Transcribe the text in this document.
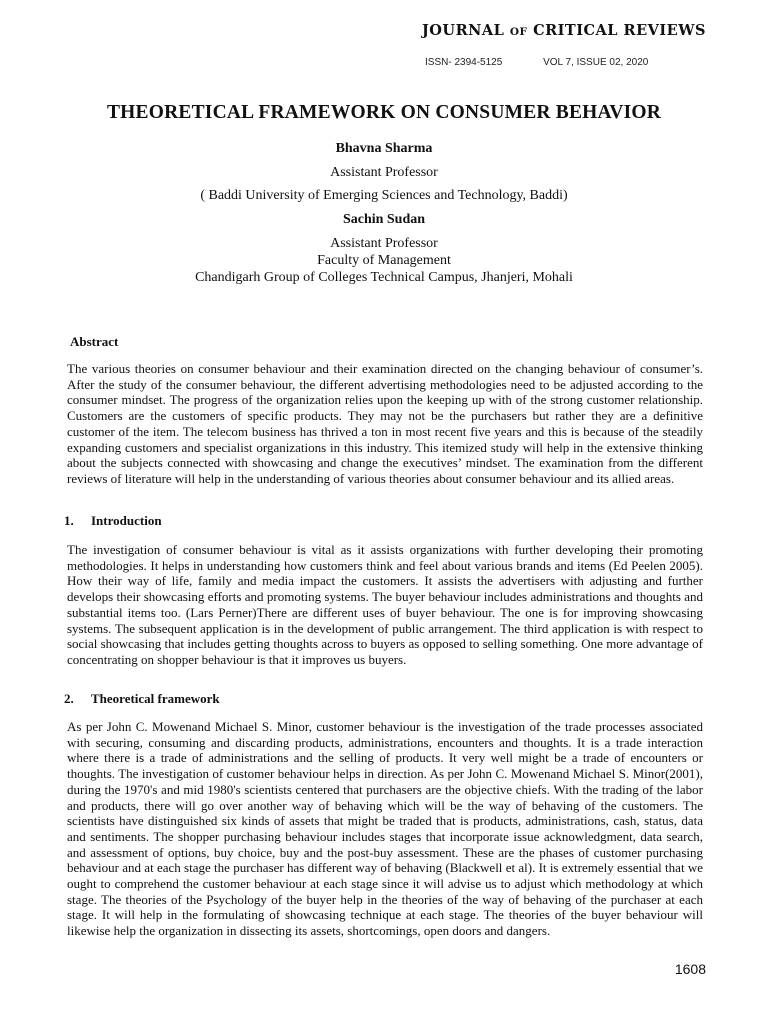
JOURNAL OF CRITICAL REVIEWS
ISSN- 2394-5125	VOL 7, ISSUE 02, 2020
THEORETICAL FRAMEWORK ON CONSUMER BEHAVIOR
Bhavna Sharma
Assistant Professor
( Baddi University of Emerging Sciences and Technology, Baddi)
Sachin Sudan
Assistant Professor
Faculty of Management
Chandigarh Group of Colleges Technical Campus, Jhanjeri, Mohali
Abstract
The various theories on consumer behaviour and their examination directed on the changing behaviour of consumer’s. After the study of the consumer behaviour, the different advertising methodologies need to be adjusted according to the consumer mindset. The progress of the organization relies upon the keeping up with of the strong customer relationship. Customers are the customers of specific products. They may not be the purchasers but rather they are a definitive customer of the item. The telecom business has thrived a ton in most recent five years and this is because of the steadily expanding customers and specialist organizations in this industry. This itemized study will help in the extensive thinking about the subjects connected with showcasing and change the executives’ mindset. The examination from the different reviews of literature will help in the understanding of various theories about consumer behaviour and its allied areas.
1. Introduction
The investigation of consumer behaviour is vital as it assists organizations with further developing their promoting methodologies. It helps in understanding how customers think and feel about various brands and items (Ed Peelen 2005). How their way of life, family and media impact the customers. It assists the advertisers with adjusting and further develops their showcasing efforts and promoting systems. The buyer behaviour includes administrations and thoughts and substantial items too. (Lars Perner)There are different uses of buyer behaviour. The one is for improving showcasing systems. The subsequent application is in the development of public arrangement. The third application is with respect to social showcasing that includes getting thoughts across to buyers as opposed to selling something. One more advantage of concentrating on shopper behaviour is that it improves us buyers.
2. Theoretical framework
As per John C. Mowenand Michael S. Minor, customer behaviour is the investigation of the trade processes associated with securing, consuming and discarding products, administrations, encounters and thoughts. It is a trade interaction where there is a trade of administrations and the selling of products. It very well might be a trade of encounters or thoughts. The investigation of customer behaviour helps in direction. As per John C. Mowenand Michael S. Minor(2001), during the 1970's and mid 1980's scientists centered that purchasers are the objective chiefs. With the trading of the labor and products, there will go over another way of behaving which will be the way of behaving of the customers. The scientists have distinguished six kinds of assets that might be traded that is products, administrations, cash, status, data and sentiments. The shopper purchasing behaviour includes stages that incorporate issue acknowledgment, data search, and assessment of options, buy choice, buy and the post-buy assessment. These are the phases of customer purchasing behaviour and at each stage the purchaser has different way of behaving (Blackwell et al). It is extremely essential that we ought to comprehend the customer behaviour at each stage since it will advise us to adjust which methodology at which stage. The theories of the Psychology of the buyer help in the theories of the way of behaving of the purchaser at each stage. It will help in the formulating of showcasing technique at each stage. The theories of the buyer behaviour will likewise help the organization in dissecting its assets, shortcomings, open doors and dangers.
1608
